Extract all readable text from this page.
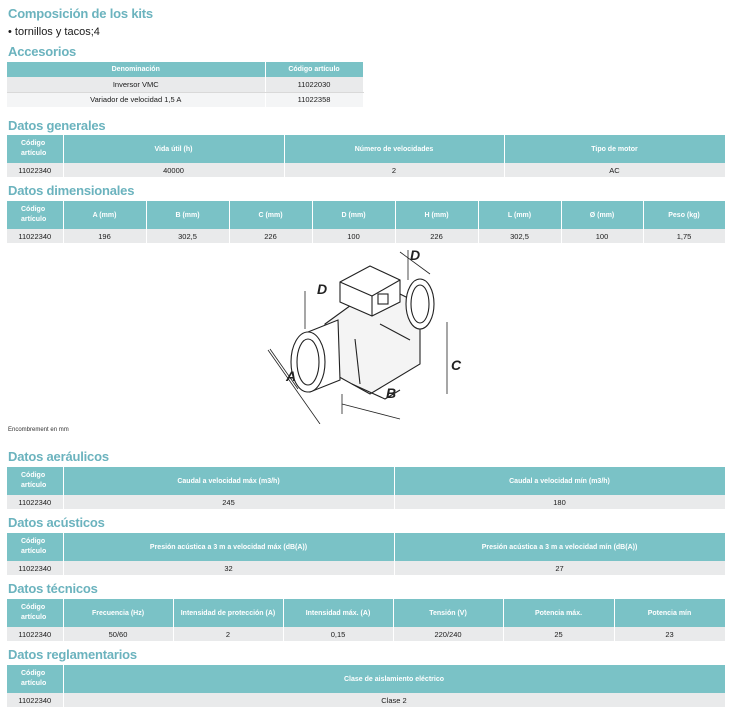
Composición de los kits
• tornillos y tacos;4
Accesorios
Denominación	Código artículo
Inversor VMC	11022030
Variador de velocidad 1,5 A	11022358
Datos generales
Código artículo	Vida útil (h)	Número de velocidades	Tipo de motor
11022340	40000	2	AC
Datos dimensionales
Código artículo	A (mm)	B (mm)	C (mm)	D (mm)	H (mm)	L (mm)	Ø (mm)	Peso (kg)
11022340	196	302,5	226	100	226	302,5	100	1,75
A
B
C
D
D
Encombrement en mm
Datos aeráulicos
Código artículo	Caudal a velocidad máx (m3/h)	Caudal a velocidad mín (m3/h)
11022340	245	180
Datos acústicos
Código artículo	Presión acústica a 3 m a velocidad máx (dB(A))	Presión acústica a 3 m a velocidad mín (dB(A))
11022340	32	27
Datos técnicos
Código artículo	Frecuencia (Hz)	Intensidad de protección (A)	Intensidad máx. (A)	Tensión (V)	Potencia máx.	Potencia mín
11022340	50/60	2	0,15	220/240	25	23
Datos reglamentarios
Código artículo	Clase de aislamiento eléctrico
11022340	Clase 2
